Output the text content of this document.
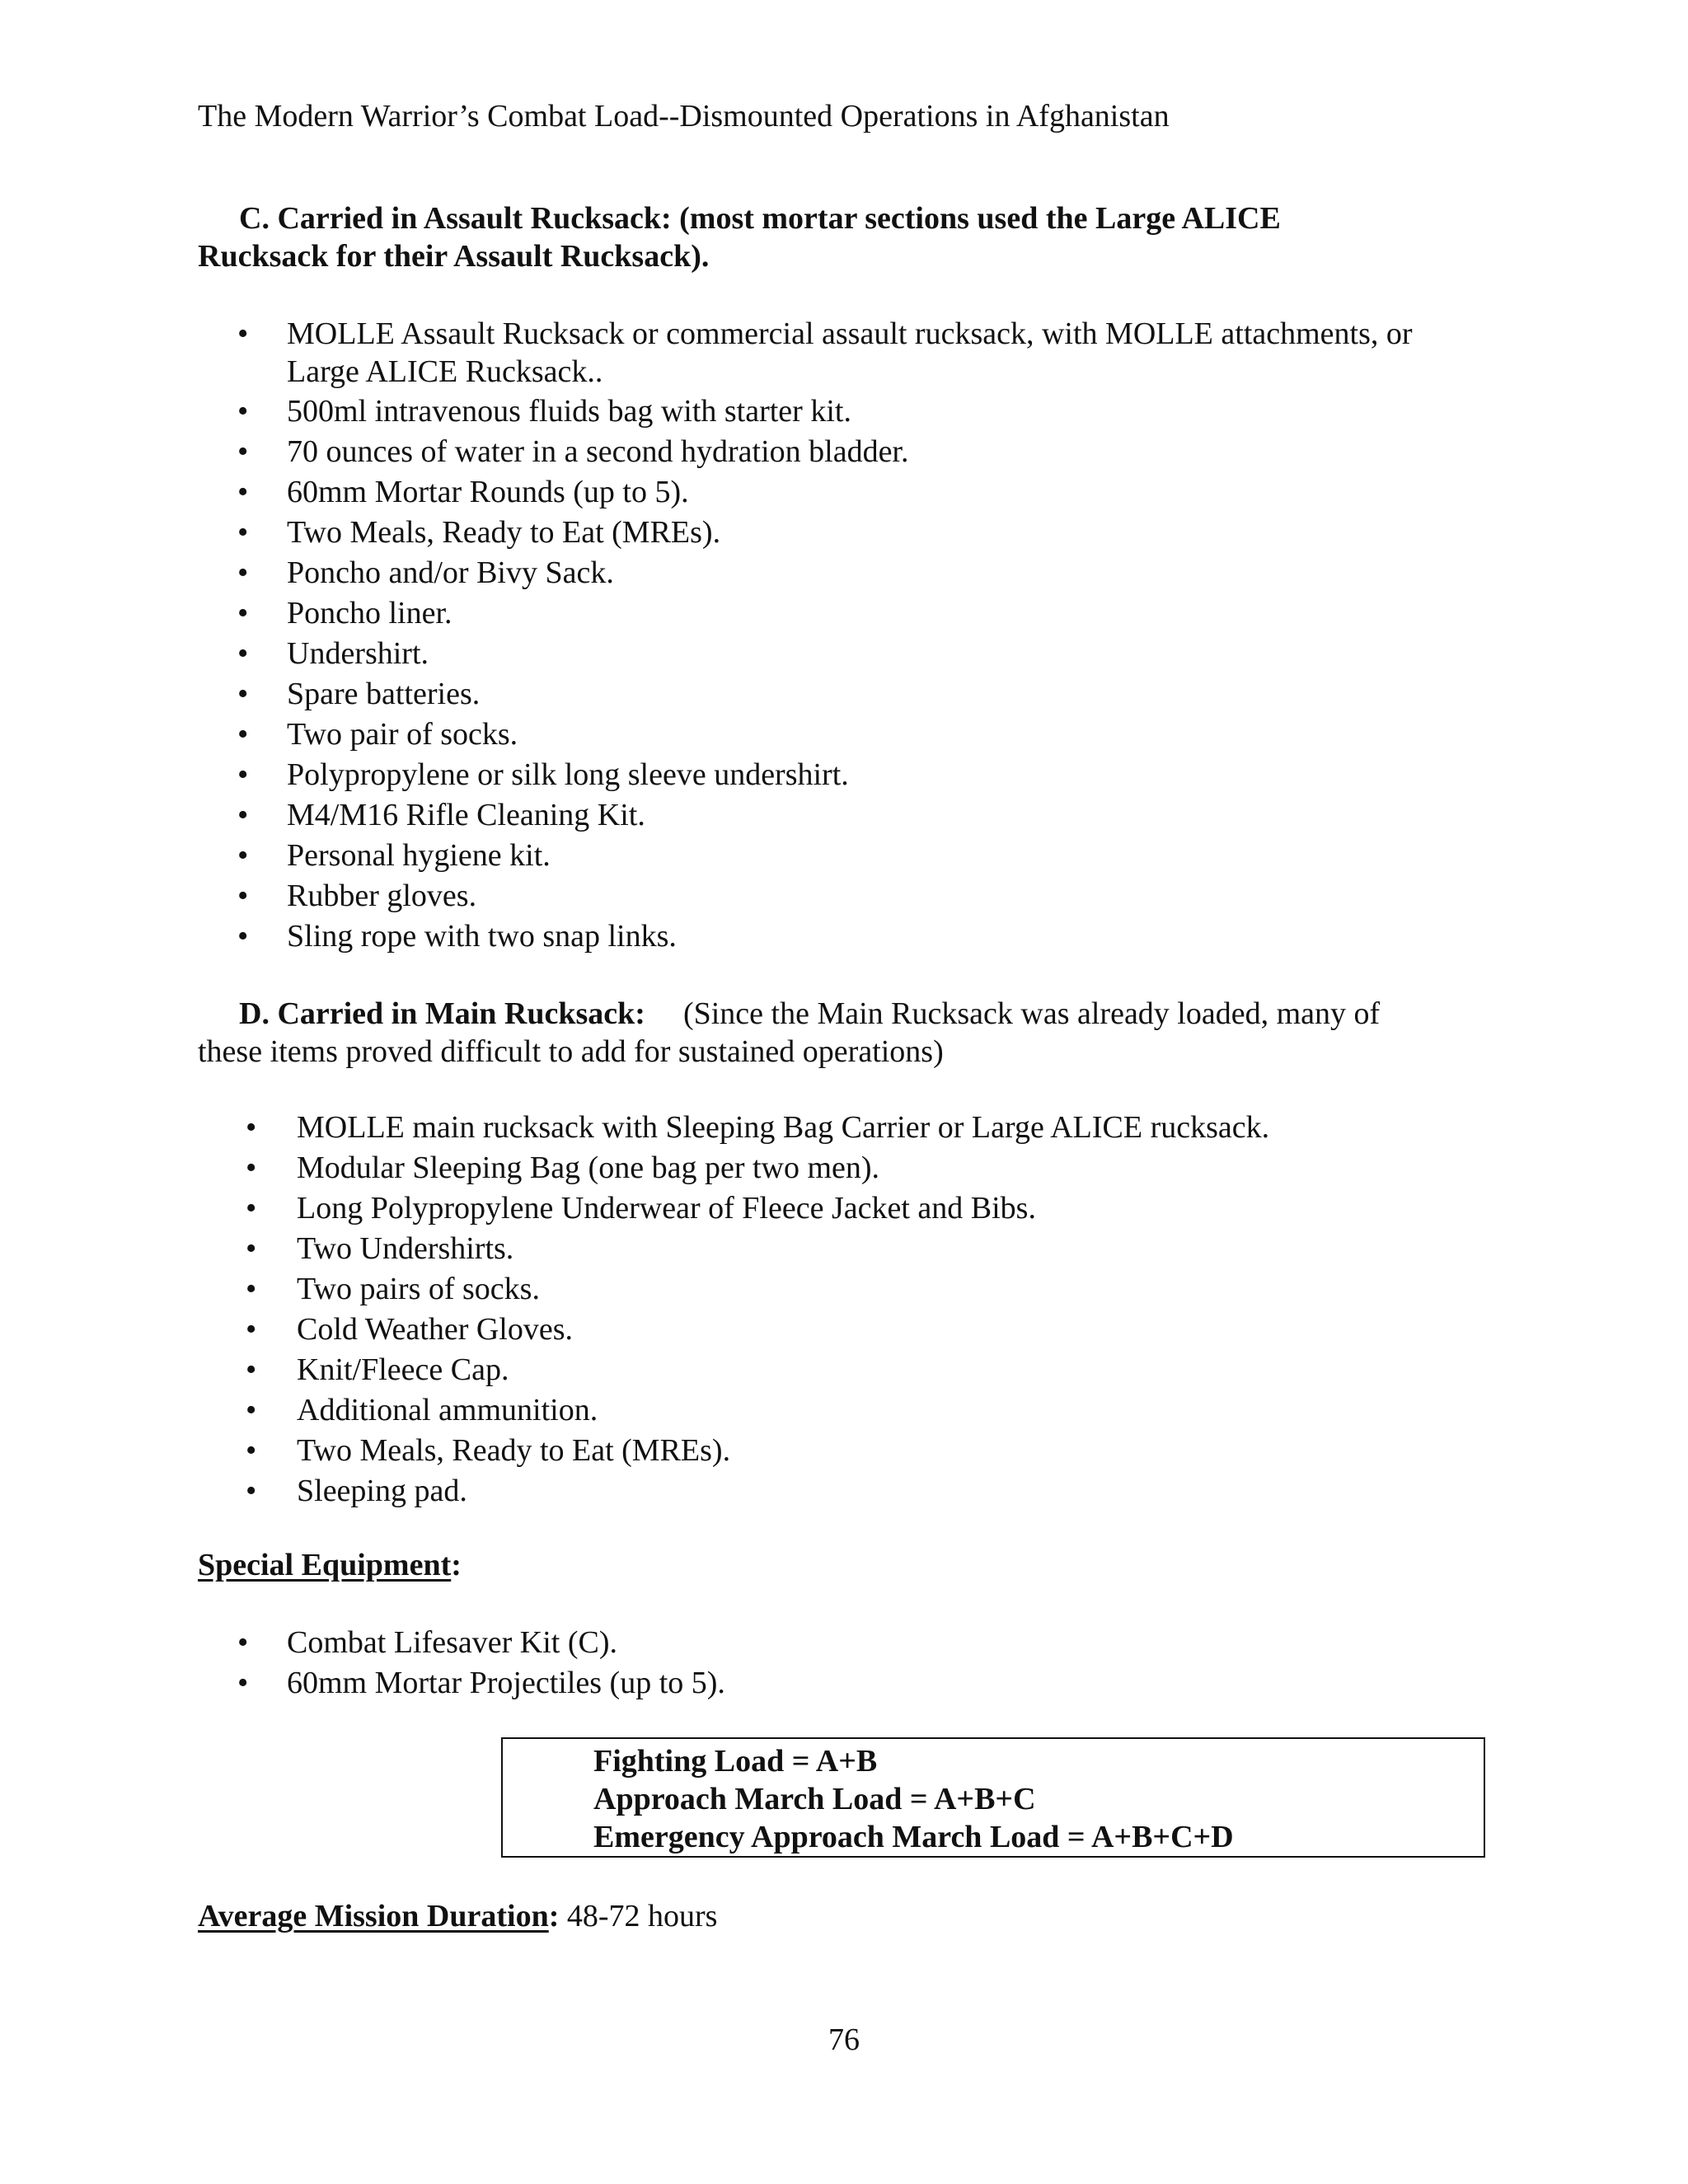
The Modern Warrior’s Combat Load--Dismounted Operations in Afghanistan
C. Carried in Assault Rucksack: (most mortar sections used the Large ALICE
Rucksack for their Assault Rucksack).
• MOLLE Assault Rucksack or commercial assault rucksack, with MOLLE attachments, or
Large ALICE Rucksack..
• 500ml intravenous fluids bag with starter kit.
• 70 ounces of water in a second hydration bladder.
• 60mm Mortar Rounds (up to 5).
• Two Meals, Ready to Eat (MREs).
• Poncho and/or Bivy Sack.
• Poncho liner.
• Undershirt.
• Spare batteries.
• Two pair of socks.
• Polypropylene or silk long sleeve undershirt.
• M4/M16 Rifle Cleaning Kit.
• Personal hygiene kit.
• Rubber gloves.
• Sling rope with two snap links.
D. Carried in Main Rucksack: (Since the Main Rucksack was already loaded, many of
these items proved difficult to add for sustained operations)
• MOLLE main rucksack with Sleeping Bag Carrier or Large ALICE rucksack.
• Modular Sleeping Bag (one bag per two men).
• Long Polypropylene Underwear of Fleece Jacket and Bibs.
• Two Undershirts.
• Two pairs of socks.
• Cold Weather Gloves.
• Knit/Fleece Cap.
• Additional ammunition.
• Two Meals, Ready to Eat (MREs).
• Sleeping pad.
Special Equipment:
• Combat Lifesaver Kit (C).
• 60mm Mortar Projectiles (up to 5).
Fighting Load = A+B
Approach March Load = A+B+C
Emergency Approach March Load = A+B+C+D
Average Mission Duration: 48-72 hours
76
